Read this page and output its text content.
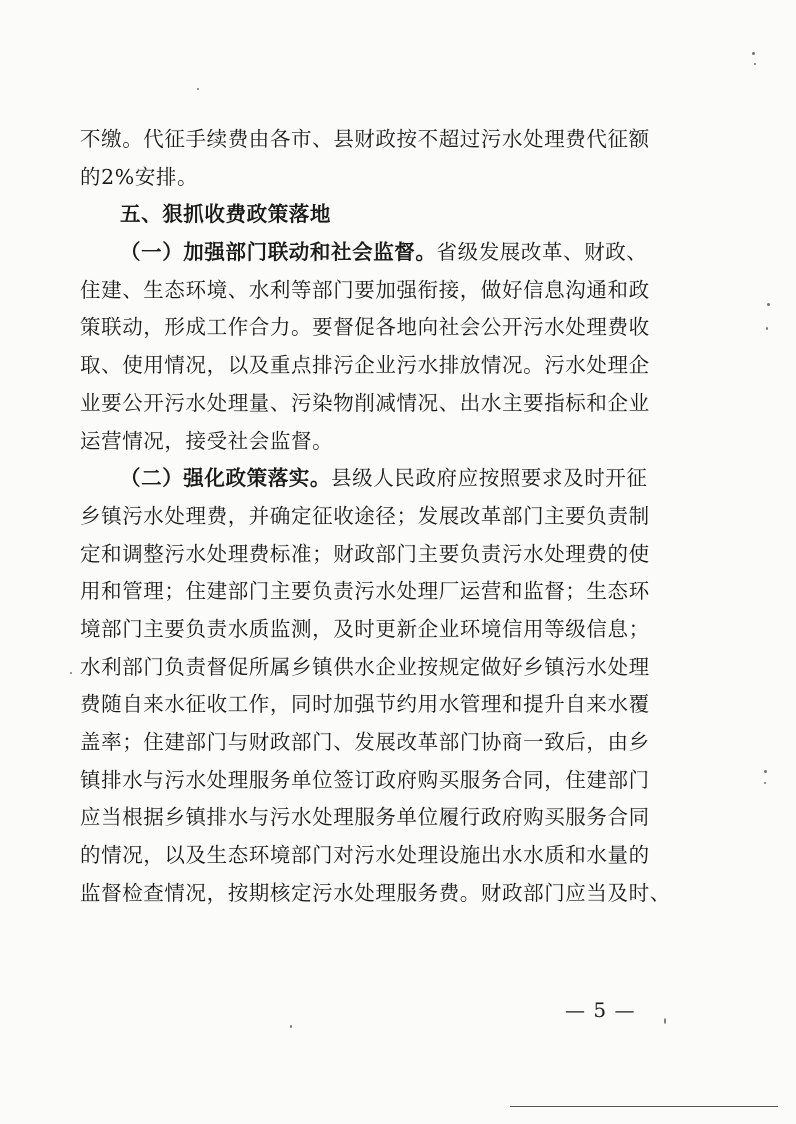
不缴。代征手续费由各市、县财政按不超过污水处理费代征额
的2%安排。
五、狠抓收费政策落地
（一）加强部门联动和社会监督。省级发展改革、财政、
住建、生态环境、水利等部门要加强衔接，做好信息沟通和政
策联动，形成工作合力。要督促各地向社会公开污水处理费收
取、使用情况，以及重点排污企业污水排放情况。污水处理企
业要公开污水处理量、污染物削减情况、出水主要指标和企业
运营情况，接受社会监督。
（二）强化政策落实。县级人民政府应按照要求及时开征
乡镇污水处理费，并确定征收途径；发展改革部门主要负责制
定和调整污水处理费标准；财政部门主要负责污水处理费的使
用和管理；住建部门主要负责污水处理厂运营和监督；生态环
境部门主要负责水质监测，及时更新企业环境信用等级信息；
水利部门负责督促所属乡镇供水企业按规定做好乡镇污水处理
费随自来水征收工作，同时加强节约用水管理和提升自来水覆
盖率；住建部门与财政部门、发展改革部门协商一致后，由乡
镇排水与污水处理服务单位签订政府购买服务合同，住建部门
应当根据乡镇排水与污水处理服务单位履行政府购买服务合同
的情况，以及生态环境部门对污水处理设施出水水质和水量的
监督检查情况，按期核定污水处理服务费。财政部门应当及时、
— 5 —
